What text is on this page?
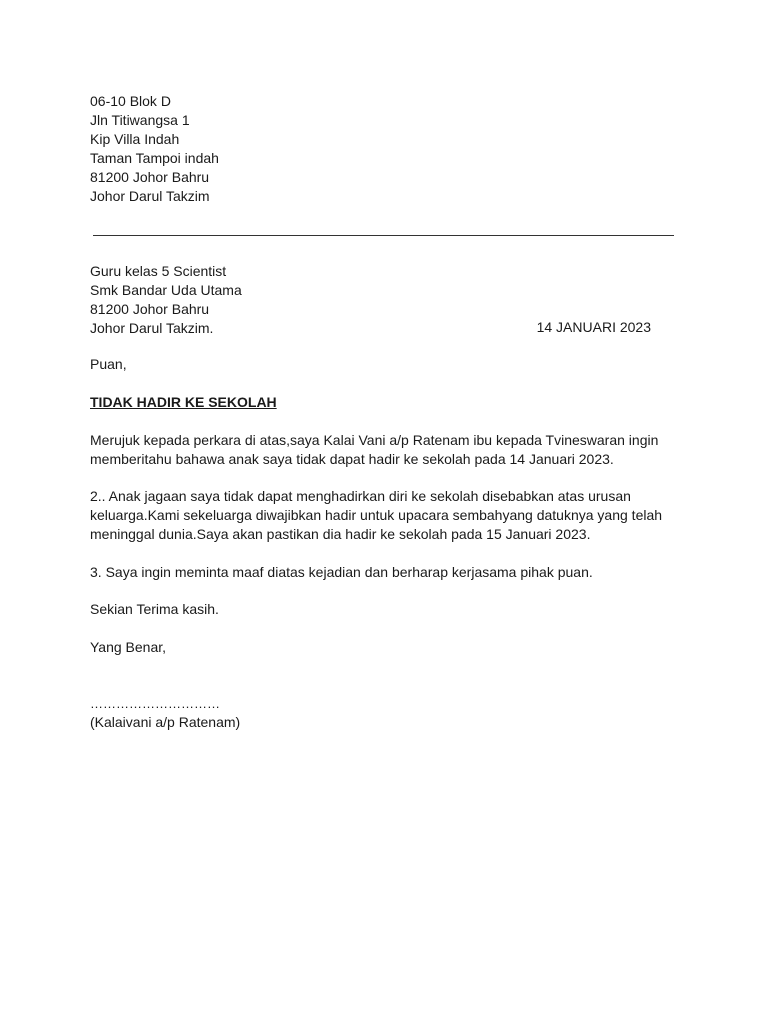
06-10 Blok D
Jln Titiwangsa 1
Kip Villa Indah
Taman Tampoi indah
81200 Johor Bahru
Johor Darul Takzim
Guru kelas 5 Scientist
Smk Bandar Uda Utama
81200 Johor Bahru
Johor Darul Takzim.	14 JANUARI 2023
Puan,
TIDAK HADIR KE SEKOLAH
Merujuk kepada perkara di atas,saya Kalai Vani a/p Ratenam ibu kepada Tvineswaran ingin
memberitahu bahawa anak saya tidak dapat hadir ke sekolah pada 14 Januari 2023.
2.. Anak jagaan saya tidak dapat menghadirkan diri ke sekolah disebabkan atas urusan
keluarga.Kami sekeluarga diwajibkan hadir untuk upacara sembahyang datuknya yang telah
meninggal dunia.Saya akan pastikan dia hadir ke sekolah pada 15 Januari 2023.
3. Saya ingin meminta maaf diatas kejadian dan berharap kerjasama pihak puan.
Sekian Terima kasih.
Yang Benar,
…………………………
(Kalaivani a/p Ratenam)
